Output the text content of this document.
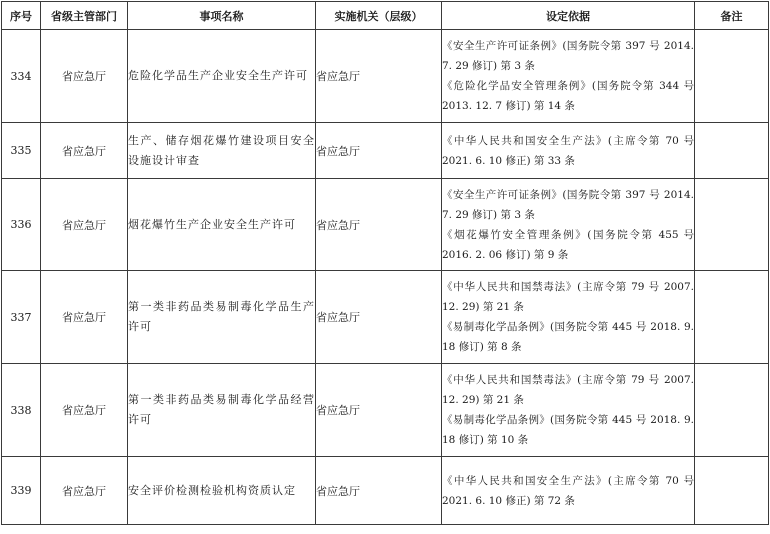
序号	省级主管部门	事项名称	实施机关（层级）	设定依据	备注
334	省应急厅	危险化学品生产企业安全生产许可	省应急厅	《安全生产许可证条例》(国务院令第 397 号 2014. 7. 29 修订) 第 3 条
《危险化学品安全管理条例》(国务院令第 344 号 2013. 12. 7 修订) 第 14 条	

335	省应急厅	生产、储存烟花爆竹建设项目安全设施设计审查	省应急厅	《中华人民共和国安全生产法》(主席令第 70 号 2021. 6. 10 修正) 第 33 条	

336	省应急厅	烟花爆竹生产企业安全生产许可	省应急厅	《安全生产许可证条例》(国务院令第 397 号 2014. 7. 29 修订) 第 3 条
《烟花爆竹安全管理条例》(国务院令第 455 号 2016. 2. 06 修订) 第 9 条	

337	省应急厅	第一类非药品类易制毒化学品生产许可	省应急厅	《中华人民共和国禁毒法》(主席令第 79 号 2007. 12. 29) 第 21 条
《易制毒化学品条例》(国务院令第 445 号 2018. 9. 18 修订) 第 8 条	

338	省应急厅	第一类非药品类易制毒化学品经营许可	省应急厅	《中华人民共和国禁毒法》(主席令第 79 号 2007. 12. 29) 第 21 条
《易制毒化学品条例》(国务院令第 445 号 2018. 9. 18 修订) 第 10 条	

339	省应急厅	安全评价检测检验机构资质认定	省应急厅	《中华人民共和国安全生产法》(主席令第 70 号 2021. 6. 10 修正) 第 72 条	
